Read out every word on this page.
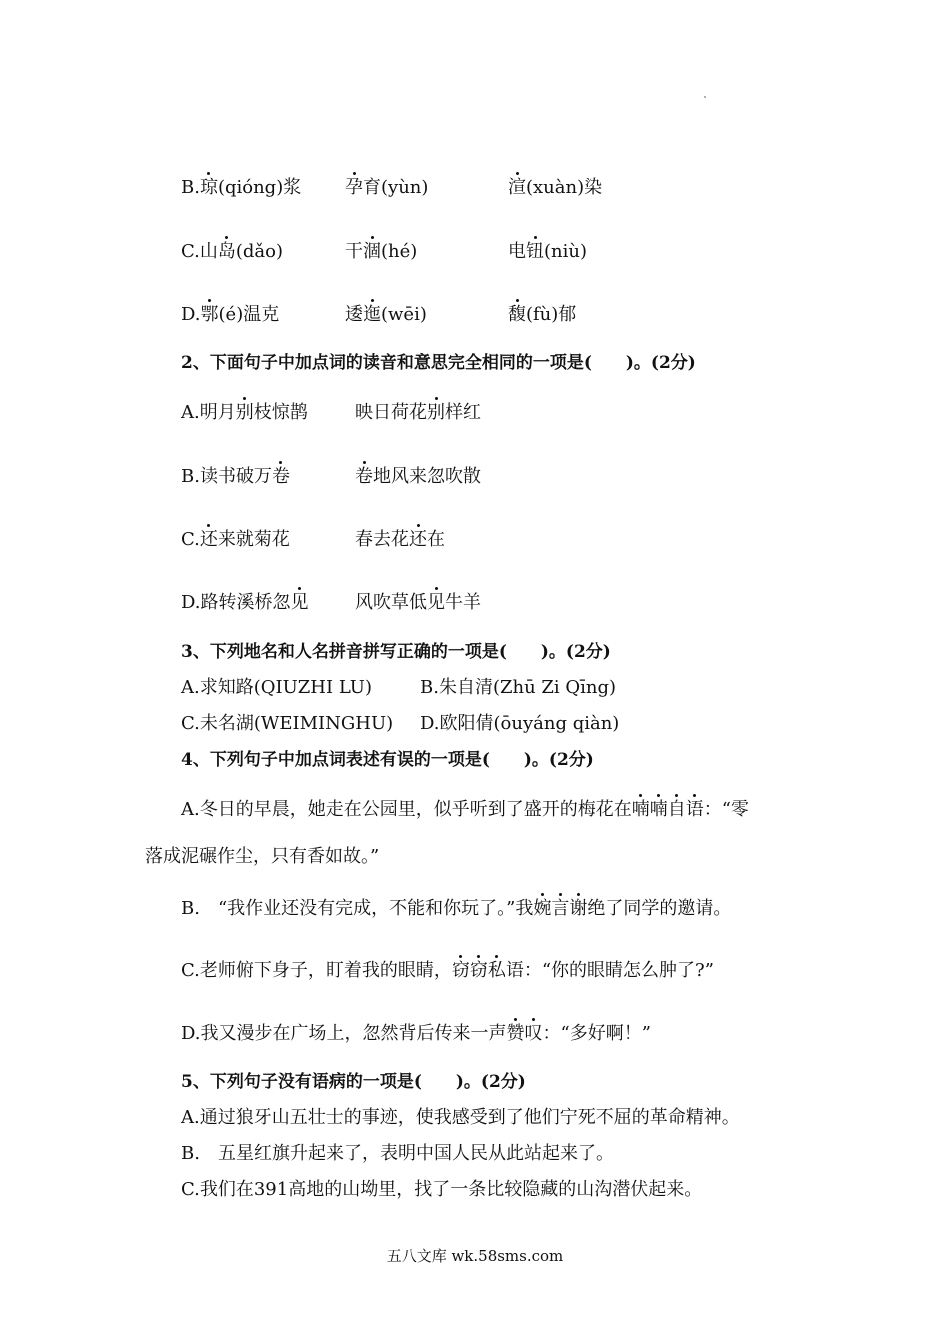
B.琼(qióng)浆 孕育(yùn)	渲(xuàn)染
C.山岛(dǎo)	干涸(hé)	电钮(niù)
D.鄂(é)温克	逶迤(wēi)	馥(fù)郁
2、下面句子中加点词的读音和意思完全相同的一项是(　　)。(2分)
A.明月别枝惊鹊	映日荷花别样红
B.读书破万卷	卷地风来忽吹散
C.还来就菊花	春去花还在
D.路转溪桥忽见	风吹草低见牛羊
3、下列地名和人名拼音拼写正确的一项是(　　)。(2分)
A.求知路(QIUZHI LU)	B.朱自清(Zhū Zi Qīng)
C.未名湖(WEIMINGHU) D.欧阳倩(ōuyáng qiàn)
4、下列句子中加点词表述有误的一项是(　　)。(2分)
A.冬日的早晨，她走在公园里，似乎听到了盛开的梅花在喃喃自语：“零
落成泥碾作尘，只有香如故。”
B.　“我作业还没有完成，不能和你玩了。”我婉言谢绝了同学的邀请。
C.老师俯下身子，盯着我的眼睛，窃窃私语：“你的眼睛怎么肿了?”
D.我又漫步在广场上，忽然背后传来一声赞叹：“多好啊！”
5、下列句子没有语病的一项是(　　)。(2分)
A.通过狼牙山五壮士的事迹，使我感受到了他们宁死不屈的革命精神。
B.　五星红旗升起来了，表明中国人民从此站起来了。
C.我们在391高地的山坳里，找了一条比较隐藏的山沟潜伏起来。
五八文库 wk.58sms.com
